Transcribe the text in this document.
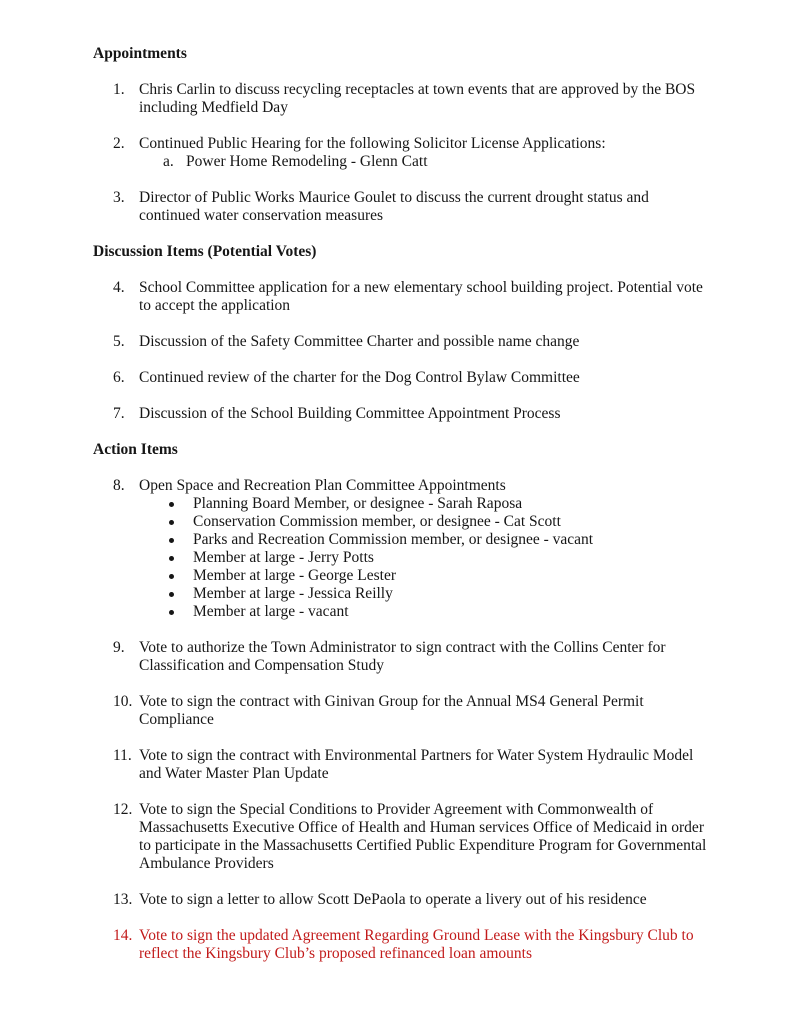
Appointments
1. Chris Carlin to discuss recycling receptacles at town events that are approved by the BOS including Medfield Day
2. Continued Public Hearing for the following Solicitor License Applications:
a. Power Home Remodeling - Glenn Catt
3. Director of Public Works Maurice Goulet to discuss the current drought status and continued water conservation measures
Discussion Items (Potential Votes)
4. School Committee application for a new elementary school building project. Potential vote to accept the application
5. Discussion of the Safety Committee Charter and possible name change
6. Continued review of the charter for the Dog Control Bylaw Committee
7. Discussion of the School Building Committee Appointment Process
Action Items
8. Open Space and Recreation Plan Committee Appointments
Planning Board Member, or designee - Sarah Raposa
Conservation Commission member, or designee - Cat Scott
Parks and Recreation Commission member, or designee - vacant
Member at large - Jerry Potts
Member at large - George Lester
Member at large - Jessica Reilly
Member at large - vacant
9. Vote to authorize the Town Administrator to sign contract with the Collins Center for Classification and Compensation Study
10. Vote to sign the contract with Ginivan Group for the Annual MS4 General Permit Compliance
11. Vote to sign the contract with Environmental Partners for Water System Hydraulic Model and Water Master Plan Update
12. Vote to sign the Special Conditions to Provider Agreement with Commonwealth of Massachusetts Executive Office of Health and Human services Office of Medicaid in order to participate in the Massachusetts Certified Public Expenditure Program for Governmental Ambulance Providers
13. Vote to sign a letter to allow Scott DePaola to operate a livery out of his residence
14. Vote to sign the updated Agreement Regarding Ground Lease with the Kingsbury Club to reflect the Kingsbury Club’s proposed refinanced loan amounts
